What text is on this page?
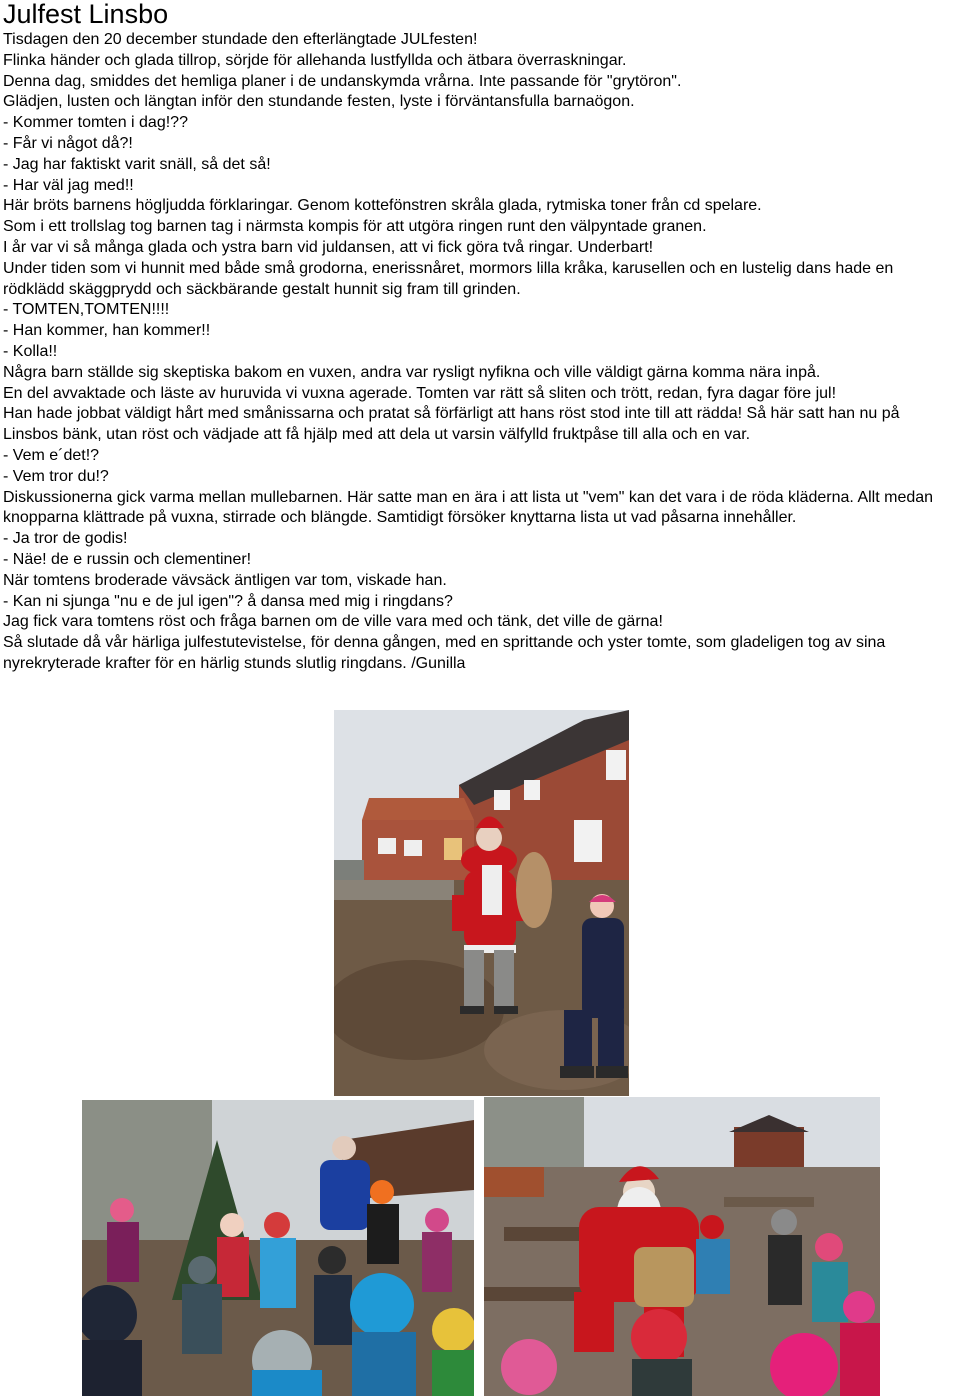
Julfest Linsbo

Tisdagen den 20 december stundade den efterlängtade JULfesten!

Flinka händer och glada tillrop, sörjde för allehanda lustfyllda och ätbara överraskningar.

Denna dag, smiddes det hemliga planer i de undanskymda vrårna. Inte passande för "grytöron".

Glädjen, lusten och längtan inför den stundande festen, lyste i förväntansfulla barnaögon.

- Kommer tomten i dag!??

- Får vi något då?!

- Jag har faktiskt varit snäll, så det så!

- Har väl jag med!!

Här bröts barnens högljudda förklaringar. Genom kottefönstren skråla glada, rytmiska toner från cd spelare.

Som i ett trollslag tog barnen tag i närmsta kompis för att utgöra ringen runt den välpyntade granen.

I år var vi så många glada och ystra barn vid juldansen, att vi fick göra två ringar. Underbart!

Under tiden som vi hunnit med både små grodorna, enerissnåret, mormors lilla kråka, karusellen och en lustelig dans hade en rödklädd skäggprydd och säckbärande gestalt hunnit sig fram till grinden.

- TOMTEN,TOMTEN!!!!

- Han kommer, han kommer!!

- Kolla!!

Några barn ställde sig skeptiska bakom en vuxen, andra var rysligt nyfikna och ville väldigt gärna komma nära inpå.

En del avvaktade och läste av huruvida vi vuxna agerade. Tomten var rätt så sliten och trött, redan, fyra dagar före jul!

Han hade jobbat väldigt hårt med smånissarna och pratat så förfärligt att hans röst stod inte till att rädda! Så här satt han nu på Linsbos bänk, utan röst och vädjade att få hjälp med att dela ut varsin välfylld fruktpåse till alla och en var.

- Vem e´det!?

- Vem tror du!?

Diskussionerna gick varma mellan mullebarnen. Här satte man en ära i att lista ut "vem" kan det vara i de röda kläderna. Allt medan knopparna klättrade på vuxna, stirrade och blängde. Samtidigt försöker knyttarna lista ut vad påsarna innehåller.

- Ja tror de godis!

- Näe! de e russin och clementiner!

När tomtens broderade vävsäck äntligen var tom, viskade han.

- Kan ni sjunga "nu e de jul igen"? å dansa med mig i ringdans?

Jag fick vara tomtens röst och fråga barnen om de ville vara med och tänk, det ville de gärna!

Så slutade då vår härliga julfestutevistelse, för denna gången, med en sprittande och yster tomte, som gladeligen tog av sina nyrekryterade krafter för en härlig stunds slutlig ringdans. /Gunilla
